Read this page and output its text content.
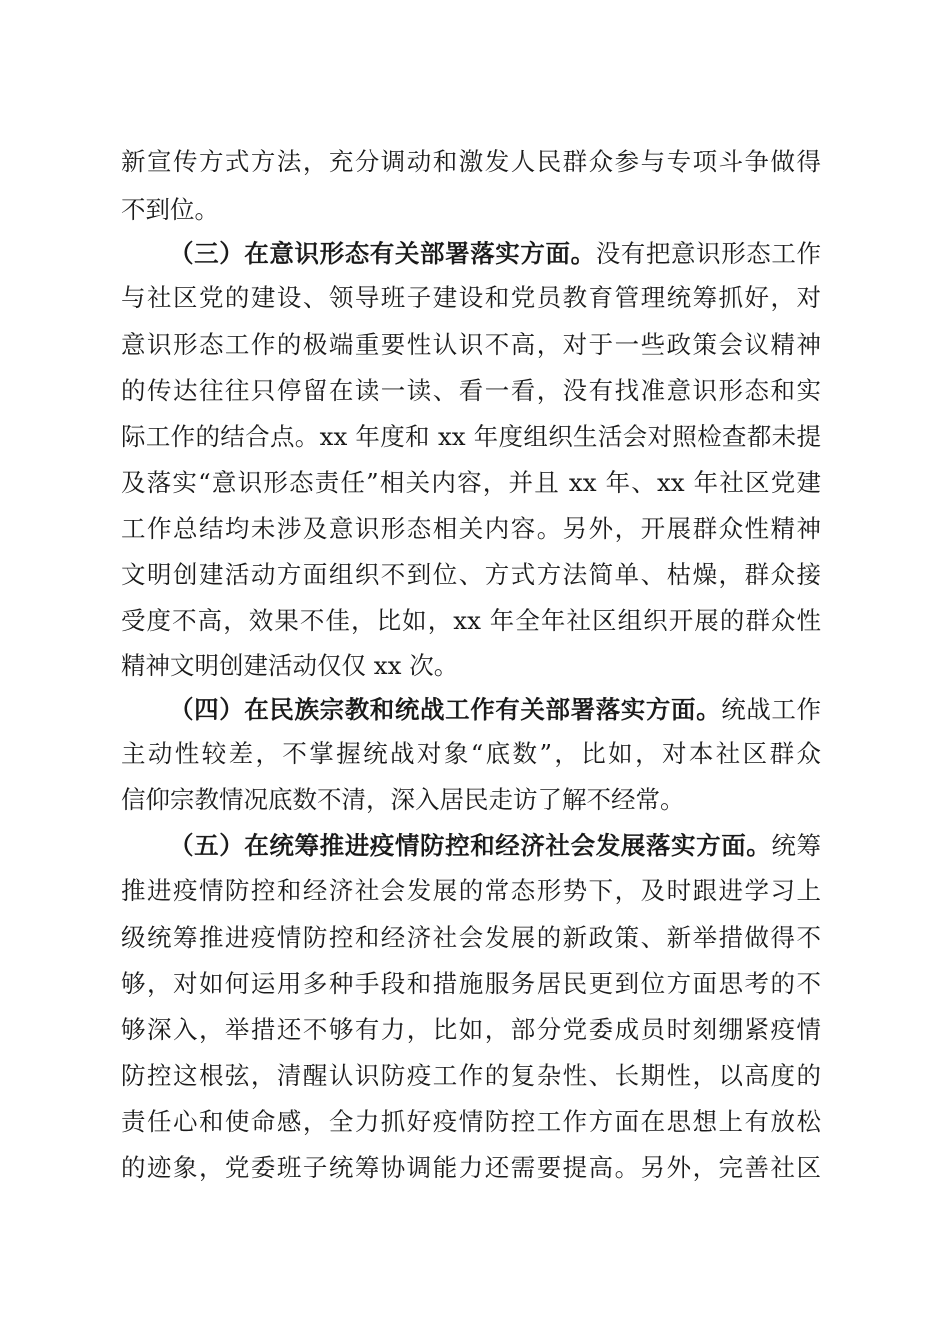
新宣传方式方法，充分调动和激发人民群众参与专项斗争做得
不到位。
（三）在意识形态有关部署落实方面。没有把意识形态工作
与社区党的建设、领导班子建设和党员教育管理统筹抓好，对
意识形态工作的极端重要性认识不高，对于一些政策会议精神
的传达往往只停留在读一读、看一看，没有找准意识形态和实
际工作的结合点。xx 年度和 xx 年度组织生活会对照检查都未提
及落实“意识形态责任”相关内容，并且 xx 年、xx 年社区党建
工作总结均未涉及意识形态相关内容。另外，开展群众性精神
文明创建活动方面组织不到位、方式方法简单、枯燥，群众接
受度不高，效果不佳，比如，xx 年全年社区组织开展的群众性
精神文明创建活动仅仅 xx 次。
（四）在民族宗教和统战工作有关部署落实方面。统战工作
主动性较差，不掌握统战对象“底数”，比如，对本社区群众
信仰宗教情况底数不清，深入居民走访了解不经常。
（五）在统筹推进疫情防控和经济社会发展落实方面。统筹
推进疫情防控和经济社会发展的常态形势下，及时跟进学习上
级统筹推进疫情防控和经济社会发展的新政策、新举措做得不
够，对如何运用多种手段和措施服务居民更到位方面思考的不
够深入，举措还不够有力，比如，部分党委成员时刻绷紧疫情
防控这根弦，清醒认识防疫工作的复杂性、长期性，以高度的
责任心和使命感，全力抓好疫情防控工作方面在思想上有放松
的迹象，党委班子统筹协调能力还需要提高。另外，完善社区
